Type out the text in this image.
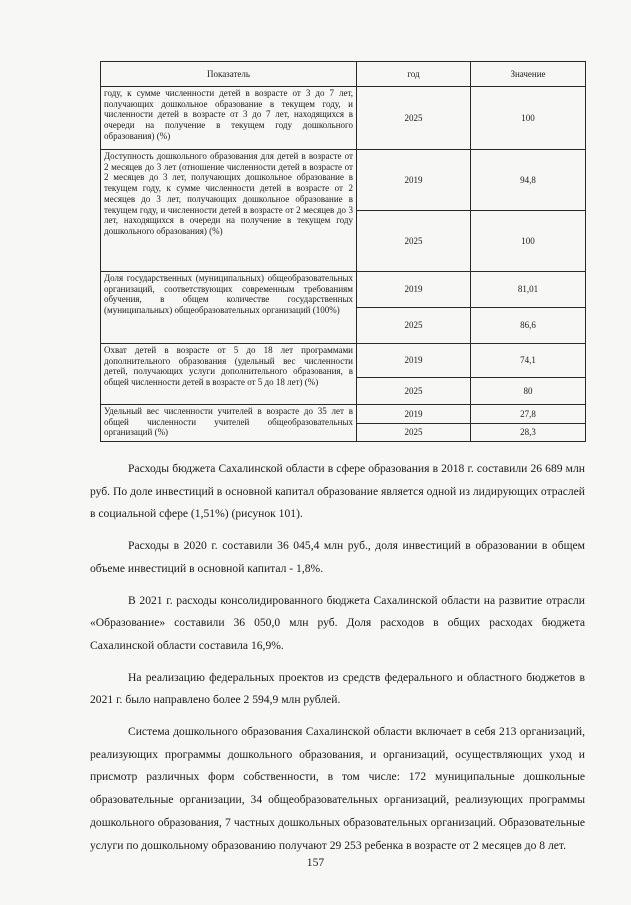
Показатель	год	Значение
году, к сумме численности детей в возрасте от 3 до 7 лет, получающих дошкольное образование в текущем году, и численности детей в возрасте от 3 до 7 лет, находящихся в очереди на получение в текущем году дошкольного образования) (%)	2025	100
Доступность дошкольного образования для детей в возрасте от 2 месяцев до 3 лет (отношение численности детей в возрасте от 2 месяцев до 3 лет, получающих дошкольное образование в текущем году, к сумме численности детей в возрасте от 2 месяцев до 3 лет, получающих дошкольное образование в текущем году, и численности детей в возрасте от 2 месяцев до 3 лет, находящихся в очереди на получение в текущем году дошкольного образования) (%)	2019	94,8
	2025	100
Доля государственных (муниципальных) общеобразовательных организаций, соответствующих современным требованиям обучения, в общем количестве государственных (муниципальных) общеобразовательных организаций (100%)	2019	81,01
	2025	86,6
Охват детей в возрасте от 5 до 18 лет программами дополнительного образования (удельный вес численности детей, получающих услуги дополнительного образования, в общей численности детей в возрасте от 5 до 18 лет) (%)	2019	74,1
	2025	80
Удельный вес численности учителей в возрасте до 35 лет в общей численности учителей общеобразовательных организаций (%)	2019	27,8
	2025	28,3

Расходы бюджета Сахалинской области в сфере образования в 2018 г. составили 26 689 млн руб. По доле инвестиций в основной капитал образование является одной из лидирующих отраслей в социальной сфере (1,51%) (рисунок 101).

Расходы в 2020 г. составили 36 045,4 млн руб., доля инвестиций в образовании в общем объеме инвестиций в основной капитал - 1,8%.

В 2021 г. расходы консолидированного бюджета Сахалинской области на развитие отрасли «Образование» составили 36 050,0 млн руб. Доля расходов в общих расходах бюджета Сахалинской области составила 16,9%.

На реализацию федеральных проектов из средств федерального и областного бюджетов в 2021 г. было направлено более 2 594,9 млн рублей.

Система дошкольного образования Сахалинской области включает в себя 213 организаций, реализующих программы дошкольного образования, и организаций, осуществляющих уход и присмотр различных форм собственности, в том числе: 172 муниципальные дошкольные образовательные организации, 34 общеобразовательных организаций, реализующих программы дошкольного образования, 7 частных дошкольных образовательных организаций. Образовательные услуги по дошкольному образованию получают 29 253 ребенка в возрасте от 2 месяцев до 8 лет.

157
